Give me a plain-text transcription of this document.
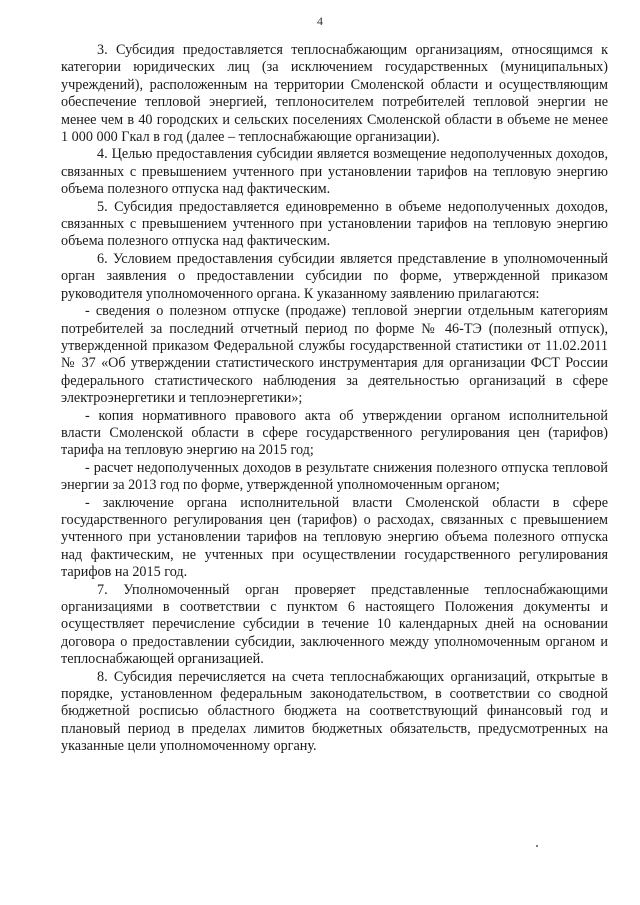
4

3. Субсидия предоставляется теплоснабжающим организациям, относящимся к категории юридических лиц (за исключением государственных (муниципальных) учреждений), расположенным на территории Смоленской области и осуществляющим обеспечение тепловой энергией, теплоносителем потребителей тепловой энергии не менее чем в 40 городских и сельских поселениях Смоленской области в объеме не менее 1 000 000 Гкал в год (далее – теплоснабжающие организации).

4. Целью предоставления субсидии является возмещение недополученных доходов, связанных с превышением учтенного при установлении тарифов на тепловую энергию объема полезного отпуска над фактическим.

5. Субсидия предоставляется единовременно в объеме недополученных доходов, связанных с превышением учтенного при установлении тарифов на тепловую энергию объема полезного отпуска над фактическим.

6. Условием предоставления субсидии является представление в уполномоченный орган заявления о предоставлении субсидии по форме, утвержденной приказом руководителя уполномоченного органа. К указанному заявлению прилагаются:

- сведения о полезном отпуске (продаже) тепловой энергии отдельным категориям потребителей за последний отчетный период по форме № 46-ТЭ (полезный отпуск), утвержденной приказом Федеральной службы государственной статистики от 11.02.2011 № 37 «Об утверждении статистического инструментария для организации ФСТ России федерального статистического наблюдения за деятельностью организаций в сфере электроэнергетики и теплоэнергетики»;

- копия нормативного правового акта об утверждении органом исполнительной власти Смоленской области в сфере государственного регулирования цен (тарифов) тарифа на тепловую энергию на 2015 год;

- расчет недополученных доходов в результате снижения полезного отпуска тепловой энергии за 2013 год по форме, утвержденной уполномоченным органом;

- заключение органа исполнительной власти Смоленской области в сфере государственного регулирования цен (тарифов) о расходах, связанных с превышением учтенного при установлении тарифов на тепловую энергию объема полезного отпуска над фактическим, не учтенных при осуществлении государственного регулирования тарифов на 2015 год.

7. Уполномоченный орган проверяет представленные теплоснабжающими организациями в соответствии с пунктом 6 настоящего Положения документы и осуществляет перечисление субсидии в течение 10 календарных дней на основании договора о предоставлении субсидии, заключенного между уполномоченным органом и теплоснабжающей организацией.

8. Субсидия перечисляется на счета теплоснабжающих организаций, открытые в порядке, установленном федеральным законодательством, в соответствии со сводной бюджетной росписью областного бюджета на соответствующий финансовый год и плановый период в пределах лимитов бюджетных обязательств, предусмотренных на указанные цели уполномоченному органу.
